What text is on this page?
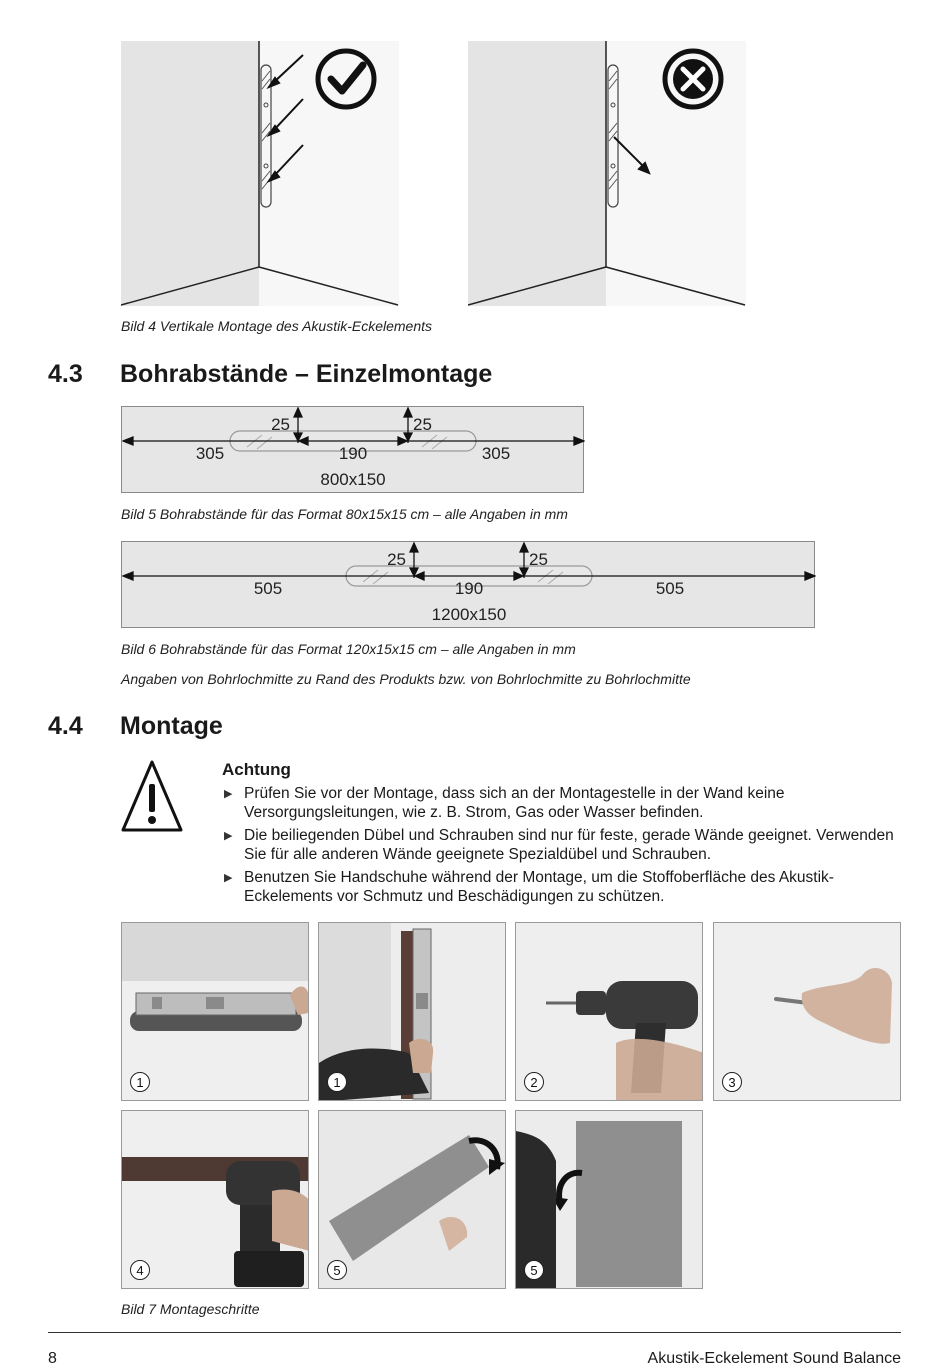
Bild 4 Vertikale Montage des Akustik-Eckelements
4.3 Bohrabstände – Einzelmontage
25	25
305	190	305
800x150
Bild 5 Bohrabstände für das Format 80x15x15 cm – alle Angaben in mm
25	25
505	190	505
1200x150
Bild 6 Bohrabstände für das Format 120x15x15 cm – alle Angaben in mm
Angaben von Bohrlochmitte zu Rand des Produkts bzw. von Bohrlochmitte zu Bohrlochmitte
4.4 Montage
Achtung
▶ Prüfen Sie vor der Montage, dass sich an der Montagestelle in der Wand keine Versorgungsleitungen, wie z. B. Strom, Gas oder Wasser befinden.
▶ Die beiliegenden Dübel und Schrauben sind nur für feste, gerade Wände geeignet. Verwenden Sie für alle anderen Wände geeignete Spezialdübel und Schrauben.
▶ Benutzen Sie Handschuhe während der Montage, um die Stoffoberfläche des Akustik-Eckelements vor Schmutz und Beschädigungen zu schützen.
1	1	2	3
4	5	5
Bild 7 Montageschritte
8	Akustik-Eckelement Sound Balance
